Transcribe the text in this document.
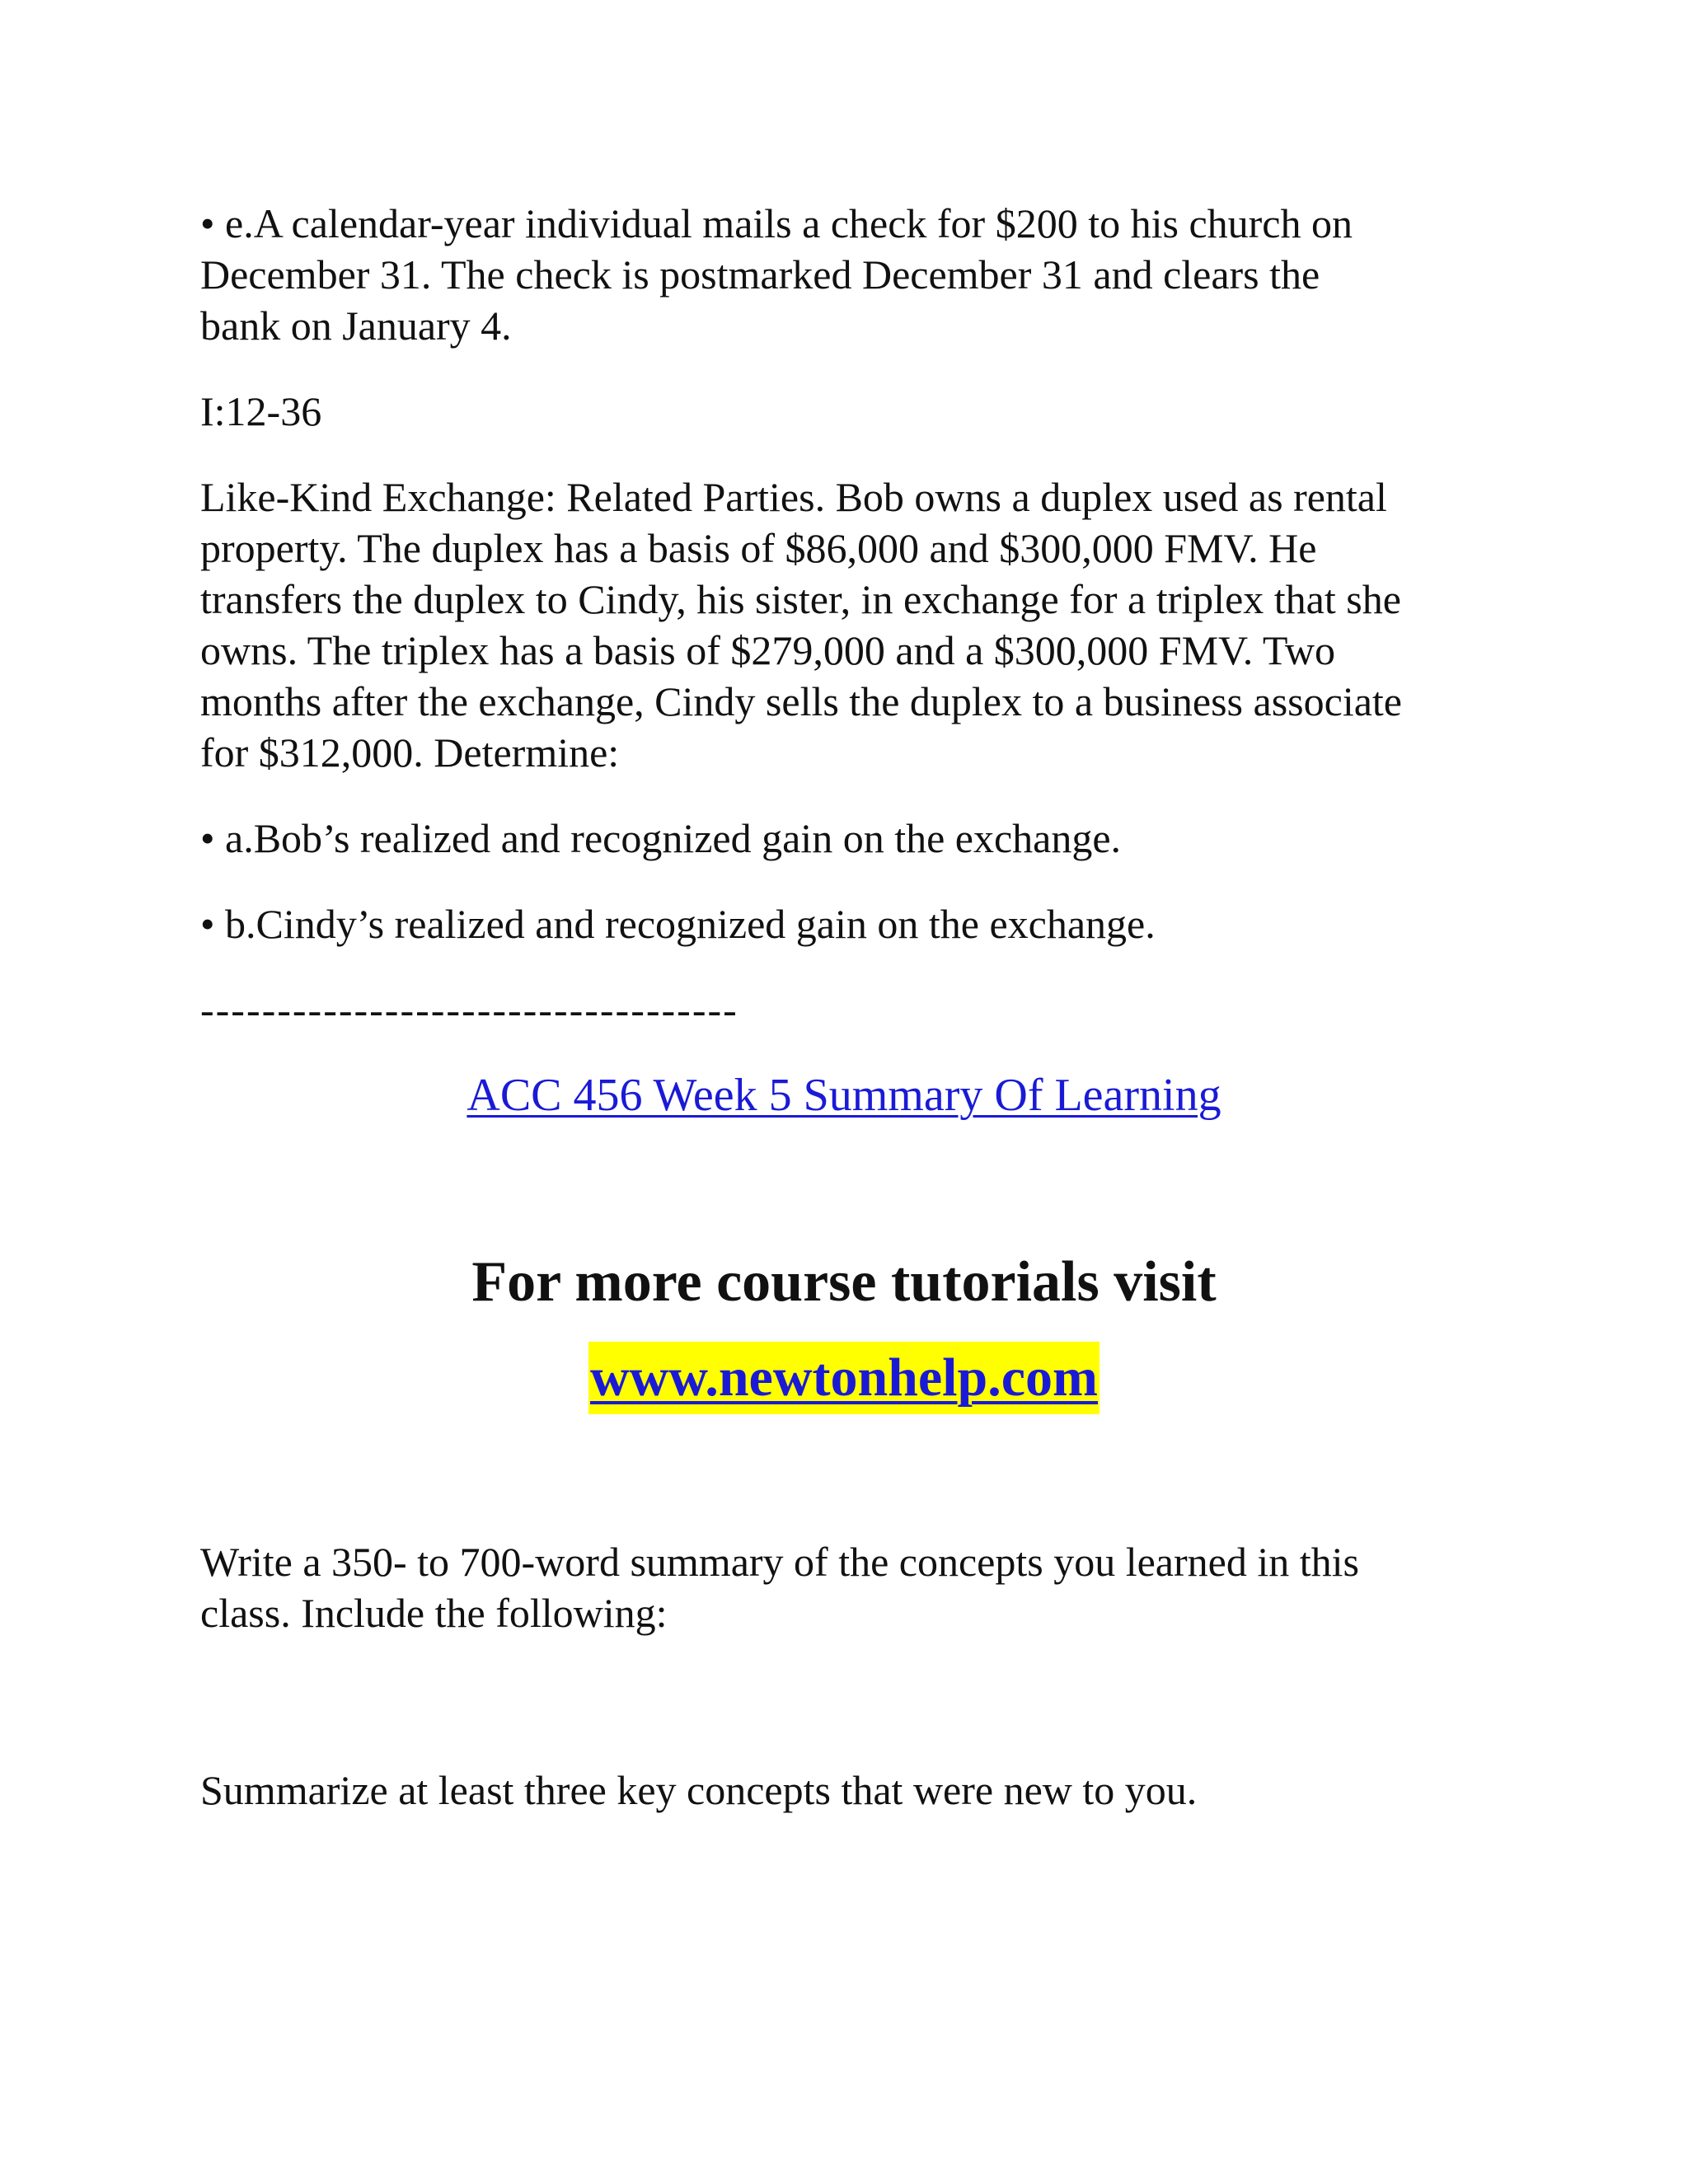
• e.A calendar-year individual mails a check for $200 to his church on
December 31. The check is postmarked December 31 and clears the
bank on January 4.

I:12-36

Like-Kind Exchange: Related Parties. Bob owns a duplex used as rental
property. The duplex has a basis of $86,000 and $300,000 FMV. He
transfers the duplex to Cindy, his sister, in exchange for a triplex that she
owns. The triplex has a basis of $279,000 and a $300,000 FMV. Two
months after the exchange, Cindy sells the duplex to a business associate
for $312,000. Determine:

• a.Bob’s realized and recognized gain on the exchange.

• b.Cindy’s realized and recognized gain on the exchange.

-----------------------------------

ACC 456 Week 5 Summary Of Learning
For more course tutorials visit
www.newtonhelp.com

Write a 350- to 700-word summary of the concepts you learned in this
class. Include the following:

Summarize at least three key concepts that were new to you.
